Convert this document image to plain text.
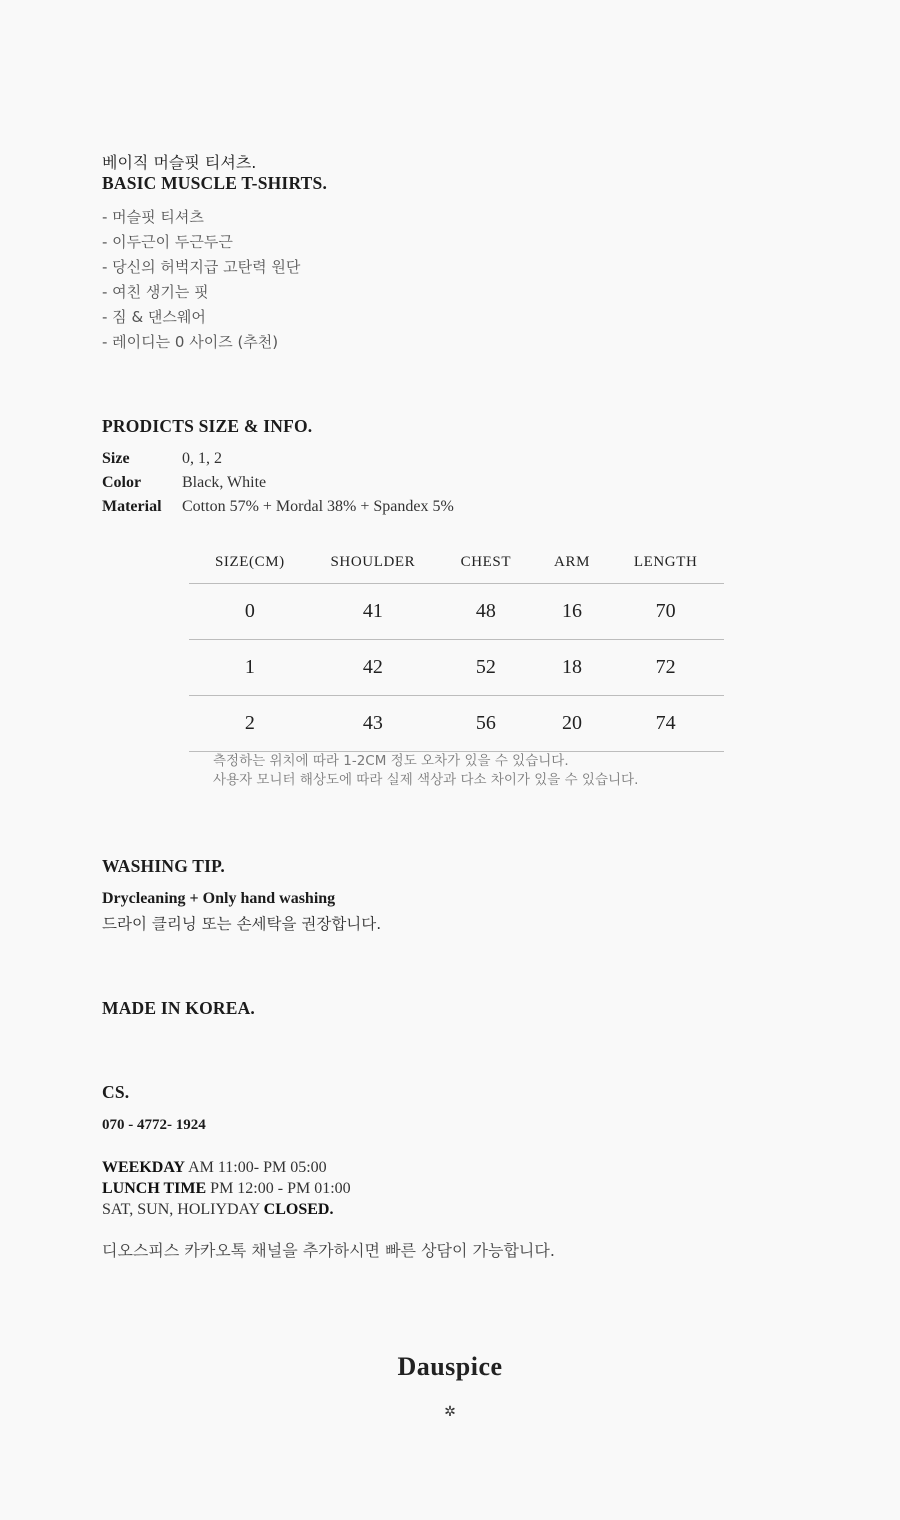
베이직 머슬핏 티셔츠.
BASIC MUSCLE T-SHIRTS.
- 머슬핏 티셔츠
- 이두근이 두근두근
- 당신의 허벅지급 고탄력 원단
- 여친 생기는 핏
- 짐 & 댄스웨어
- 레이디는 0 사이즈 (추천)
PRODICTS SIZE & INFO.
Size	0, 1, 2
Color	Black, White
Material	Cotton 57% + Mordal 38% + Spandex 5%
SIZE(CM)	SHOULDER	CHEST	ARM	LENGTH
0	41	48	16	70
1	42	52	18	72
2	43	56	20	74
측정하는 위치에 따라 1-2CM 정도 오차가 있을 수 있습니다.
사용자 모니터 해상도에 따라 실제 색상과 다소 차이가 있을 수 있습니다.
WASHING TIP.
Drycleaning + Only hand washing
드라이 클리닝 또는 손세탁을 권장합니다.
MADE IN KOREA.
CS.
070 - 4772- 1924
WEEKDAY AM 11:00- PM 05:00
LUNCH TIME PM 12:00 - PM 01:00
SAT, SUN, HOLIYDAY CLOSED.
디오스피스 카카오톡 채널을 추가하시면 빠른 상담이 가능합니다.
Dauspice
✲
